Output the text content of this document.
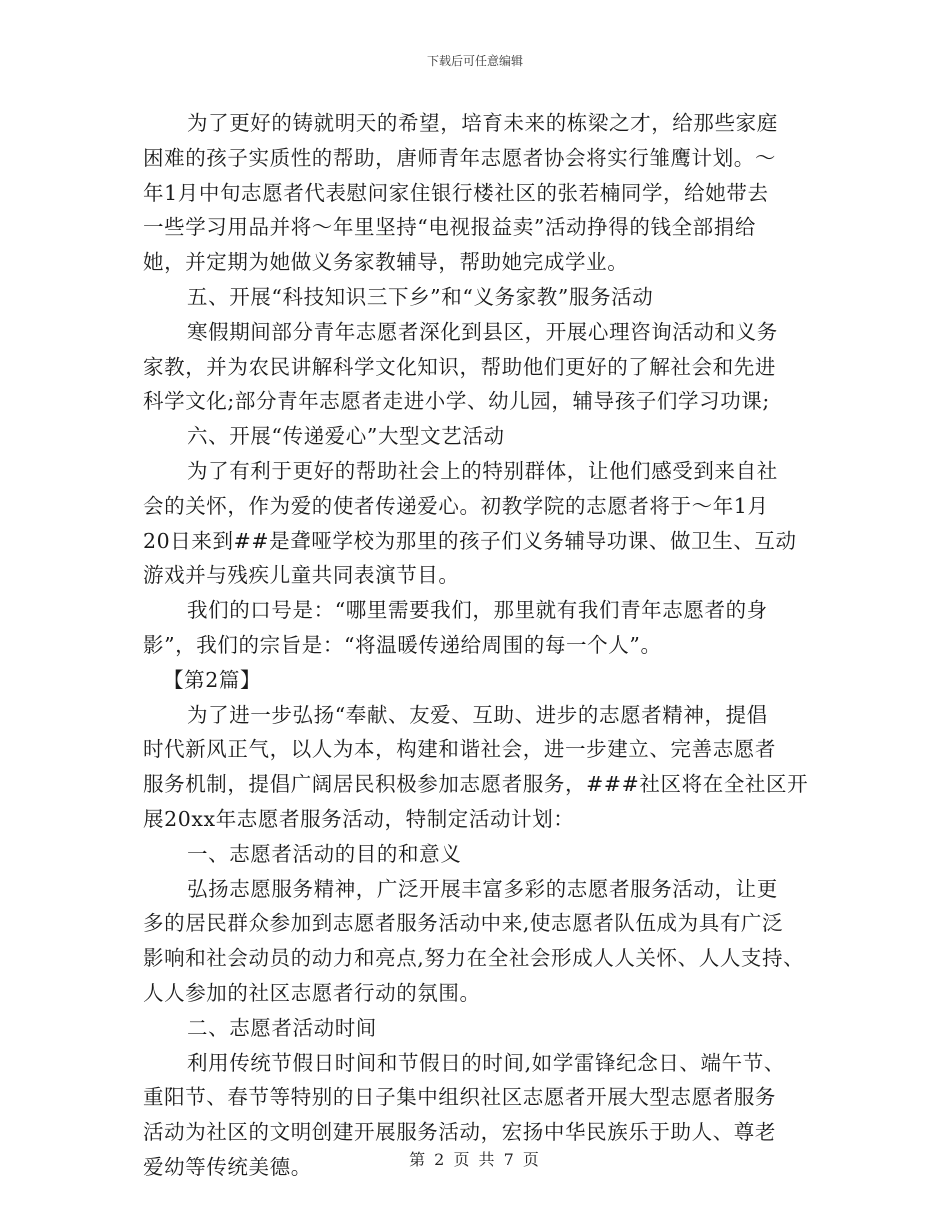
下载后可任意编辑
为了更好的铸就明天的希望，培育未来的栋梁之才，给那些家庭
困难的孩子实质性的帮助，唐师青年志愿者协会将实行雏鹰计划。～
年1月中旬志愿者代表慰问家住银行楼社区的张若楠同学，给她带去
一些学习用品并将～年里坚持“电视报益卖”活动挣得的钱全部捐给
她，并定期为她做义务家教辅导，帮助她完成学业。
五、开展“科技知识三下乡”和“义务家教”服务活动
寒假期间部分青年志愿者深化到县区，开展心理咨询活动和义务
家教，并为农民讲解科学文化知识，帮助他们更好的了解社会和先进
科学文化;部分青年志愿者走进小学、幼儿园，辅导孩子们学习功课;
六、开展“传递爱心”大型文艺活动
为了有利于更好的帮助社会上的特别群体，让他们感受到来自社
会的关怀，作为爱的使者传递爱心。初教学院的志愿者将于～年1月
20日来到##是聋哑学校为那里的孩子们义务辅导功课、做卫生、互动
游戏并与残疾儿童共同表演节目。
我们的口号是：“哪里需要我们，那里就有我们青年志愿者的身
影”，我们的宗旨是：“将温暖传递给周围的每一个人”。
【第2篇】
为了进一步弘扬“奉献、友爱、互助、进步的志愿者精神，提倡
时代新风正气，以人为本，构建和谐社会，进一步建立、完善志愿者
服务机制，提倡广阔居民积极参加志愿者服务，###社区将在全社区开
展20xx年志愿者服务活动，特制定活动计划：
一、志愿者活动的目的和意义
弘扬志愿服务精神，广泛开展丰富多彩的志愿者服务活动，让更
多的居民群众参加到志愿者服务活动中来,使志愿者队伍成为具有广泛
影响和社会动员的动力和亮点,努力在全社会形成人人关怀、人人支持、
人人参加的社区志愿者行动的氛围。
二、志愿者活动时间
利用传统节假日时间和节假日的时间,如学雷锋纪念日、端午节、
重阳节、春节等特别的日子集中组织社区志愿者开展大型志愿者服务
活动为社区的文明创建开展服务活动，宏扬中华民族乐于助人、尊老
爱幼等传统美德。	第 2 页 共 7 页
